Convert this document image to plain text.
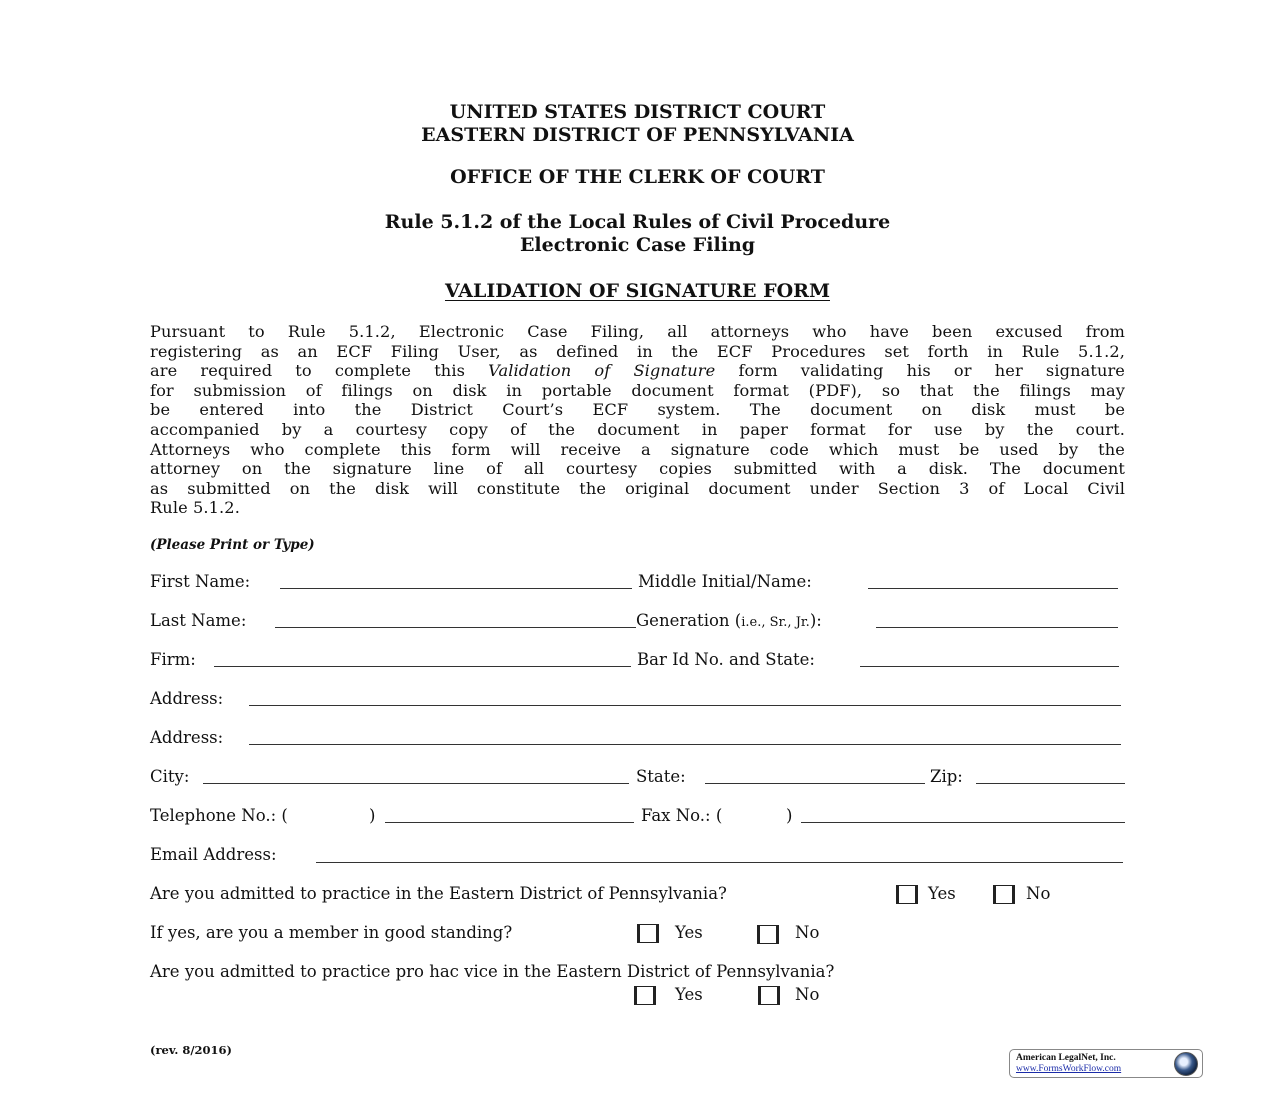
UNITED STATES DISTRICT COURT
EASTERN DISTRICT OF PENNSYLVANIA
OFFICE OF THE CLERK OF COURT
Rule 5.1.2 of the Local Rules of Civil Procedure
Electronic Case Filing
VALIDATION OF SIGNATURE FORM
Pursuant to Rule 5.1.2, Electronic Case Filing, all attorneys who have been excused from
registering as an ECF Filing User, as defined in the ECF Procedures set forth in Rule 5.1.2,
are required to complete this Validation of Signature form validating his or her signature
for submission of filings on disk in portable document format (PDF), so that the filings may
be entered into the District Court’s ECF system. The document on disk must be
accompanied by a courtesy copy of the document in paper format for use by the court.
Attorneys who complete this form will receive a signature code which must be used by the
attorney on the signature line of all courtesy copies submitted with a disk. The document
as submitted on the disk will constitute the original document under Section 3 of Local Civil
Rule 5.1.2.
(Please Print or Type)
First Name:	Middle Initial/Name:
Last Name:	Generation (i.e., Sr., Jr.):
Firm:	Bar Id No. and State:
Address:
Address:
City:	State:	Zip:
Telephone No.: (	)	Fax No.: (	)
Email Address:
Are you admitted to practice in the Eastern District of Pennsylvania?	Yes	No
If yes, are you a member in good standing?	Yes	No
Are you admitted to practice pro hac vice in the Eastern District of Pennsylvania?
Yes	No
(rev. 8/2016)
American LegalNet, Inc.
www.FormsWorkFlow.com
